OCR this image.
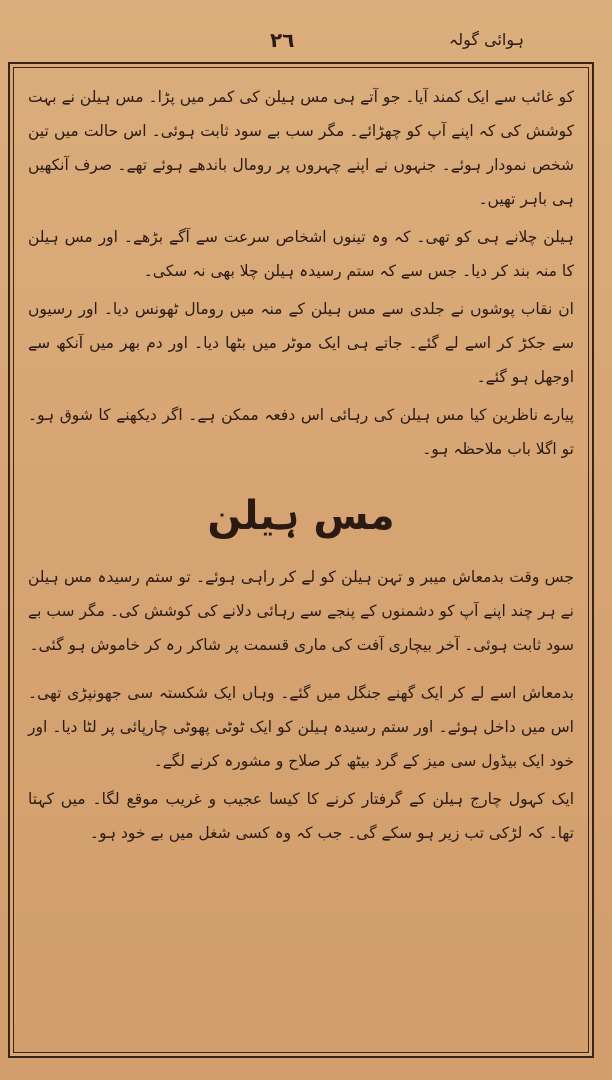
٢٦	ہوائی گولہ

کو غائب سے ایک کمند آیا۔ جو آتے ہی مس ہیلن کی کمر میں پڑا۔ مس ہیلن نے بہت کوشش کی کہ اپنے آپ کو چھڑائے۔ مگر سب بے سود ثابت ہوئی۔ اس حالت میں تین شخص نمودار ہوئے۔ جنہوں نے اپنے چہروں پر رومال باندھے ہوئے تھے۔ صرف آنکھیں ہی باہر تھیں۔

ہیلن چلانے ہی کو تھی۔ کہ وہ تینوں اشخاص سرعت سے آگے بڑھے۔ اور مس ہیلن کا منہ بند کر دیا۔ جس سے کہ ستم رسیدہ ہیلن چلا بھی نہ سکی۔

ان نقاب پوشوں نے جلدی سے مس ہیلن کے منہ میں رومال ٹھونس دیا۔ اور رسیوں سے جکڑ کر اسے لے گئے۔ جاتے ہی ایک موٹر میں بٹھا دیا۔ اور دم بھر میں آنکھ سے اوجھل ہو گئے۔

پیارے ناظرین کیا مس ہیلن کی رہائی اس دفعہ ممکن ہے۔ اگر دیکھنے کا شوق ہو۔ تو اگلا باب ملاحظہ ہو۔

مس ہیلن

جس وقت بدمعاش میبر و تہن ہیلن کو لے کر راہی ہوئے۔ تو ستم رسیدہ مس ہیلن نے ہر چند اپنے آپ کو دشمنوں کے پنجے سے رہائی دلانے کی کوشش کی۔ مگر سب بے سود ثابت ہوئی۔ آخر بیچاری آفت کی ماری قسمت پر شاکر رہ کر خاموش ہو گئی۔

بدمعاش اسے لے کر ایک گھنے جنگل میں گئے۔ وہاں ایک شکستہ سی جھونپڑی تھی۔ اس میں داخل ہوئے۔ اور ستم رسیدہ ہیلن کو ایک ٹوٹی پھوٹی چارپائی پر لٹا دیا۔ اور خود ایک بیڈول سی میز کے گرد بیٹھ کر صلاح و مشورہ کرنے لگے۔

ایک کہول چارج ہیلن کے گرفتار کرنے کا کیسا عجیب و غریب موقع لگا۔ میں کہتا تھا۔ کہ لڑکی تب زیر ہو سکے گی۔ جب کہ وہ کسی شغل میں بے خود ہو۔
